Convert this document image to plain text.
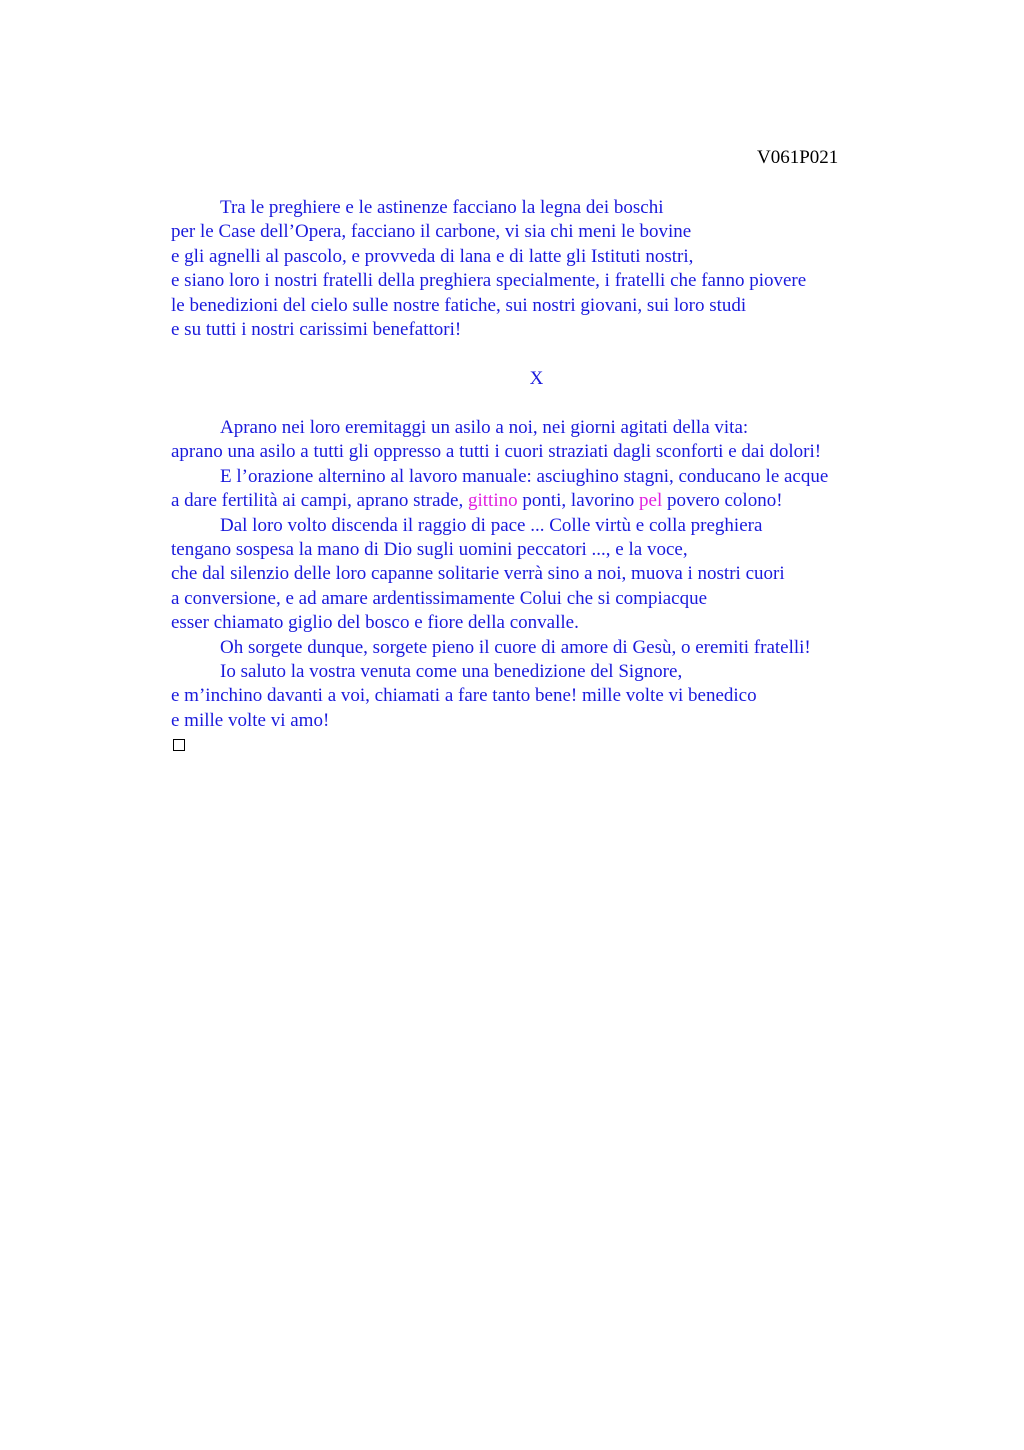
V061P021
Tra le preghiere e le astinenze facciano la legna dei boschi
per le Case dell’Opera, facciano il carbone, vi sia chi meni le bovine
e gli agnelli al pascolo, e provveda di lana e di latte gli Istituti nostri,
e siano loro i nostri fratelli della preghiera specialmente, i fratelli che fanno piovere
le benedizioni del cielo sulle nostre fatiche, sui nostri giovani, sui loro studi
e su tutti i nostri carissimi benefattori!
X
Aprano nei loro eremitaggi un asilo a noi, nei giorni agitati della vita:
aprano una asilo a tutti gli oppresso a tutti i cuori straziati dagli sconforti e dai dolori!
E l’orazione alternino al lavoro manuale: asciughino stagni, conducano le acque
a dare fertilità ai campi, aprano strade, gittino ponti, lavorino pel povero colono!
Dal loro volto discenda il raggio di pace ... Colle virtù e colla preghiera
tengano sospesa la mano di Dio sugli uomini peccatori ..., e la voce,
che dal silenzio delle loro capanne solitarie verrà sino a noi, muova i nostri cuori
a conversione, e ad amare ardentissimamente Colui che si compiacque
esser chiamato giglio del bosco e fiore della convalle.
Oh sorgete dunque, sorgete pieno il cuore di amore di Gesù, o eremiti fratelli!
Io saluto la vostra venuta come una benedizione del Signore,
e m’inchino davanti a voi, chiamati a fare tanto bene! mille volte vi benedico
e mille volte vi amo!
